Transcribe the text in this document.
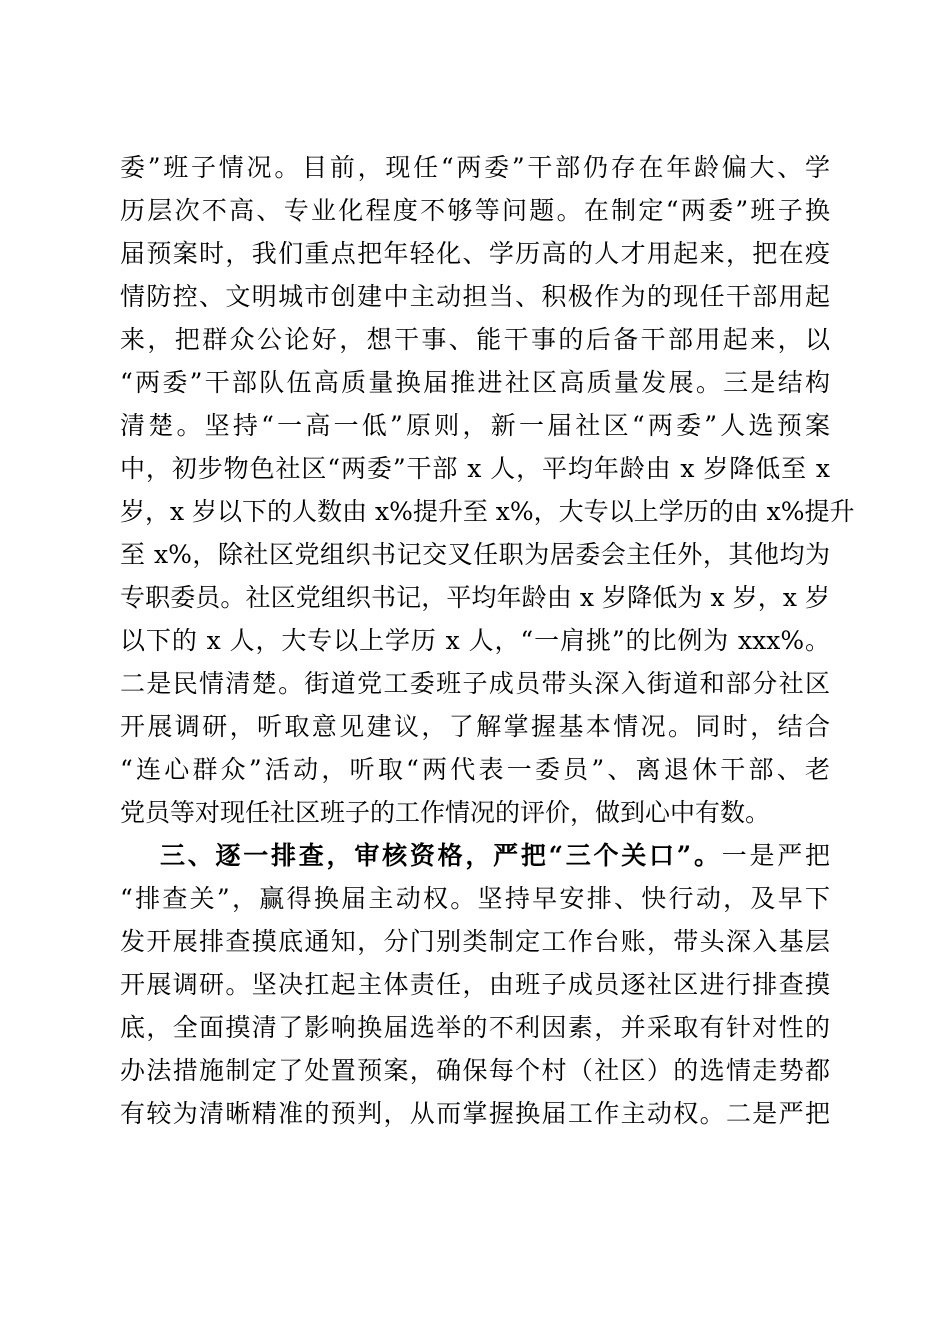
委”班子情况。目前，现任“两委”干部仍存在年龄偏大、学
历层次不高、专业化程度不够等问题。在制定“两委”班子换
届预案时，我们重点把年轻化、学历高的人才用起来，把在疫
情防控、文明城市创建中主动担当、积极作为的现任干部用起
来，把群众公论好，想干事、能干事的后备干部用起来，以
“两委”干部队伍高质量换届推进社区高质量发展。三是结构
清楚。坚持“一高一低”原则，新一届社区“两委”人选预案
中，初步物色社区“两委”干部 x 人，平均年龄由 x 岁降低至 x
岁，x 岁以下的人数由 x%提升至 x%，大专以上学历的由 x%提升
至 x%，除社区党组织书记交叉任职为居委会主任外，其他均为
专职委员。社区党组织书记，平均年龄由 x 岁降低为 x 岁，x 岁
以下的 x 人，大专以上学历 x 人，“一肩挑”的比例为 xxx%。
二是民情清楚。街道党工委班子成员带头深入街道和部分社区
开展调研，听取意见建议，了解掌握基本情况。同时，结合
“连心群众”活动，听取“两代表一委员”、离退休干部、老
党员等对现任社区班子的工作情况的评价，做到心中有数。
三、逐一排查，审核资格，严把“三个关口”。一是严把
“排查关”，赢得换届主动权。坚持早安排、快行动，及早下
发开展排查摸底通知，分门别类制定工作台账，带头深入基层
开展调研。坚决扛起主体责任，由班子成员逐社区进行排查摸
底，全面摸清了影响换届选举的不利因素，并采取有针对性的
办法措施制定了处置预案，确保每个村（社区）的选情走势都
有较为清晰精准的预判，从而掌握换届工作主动权。二是严把
